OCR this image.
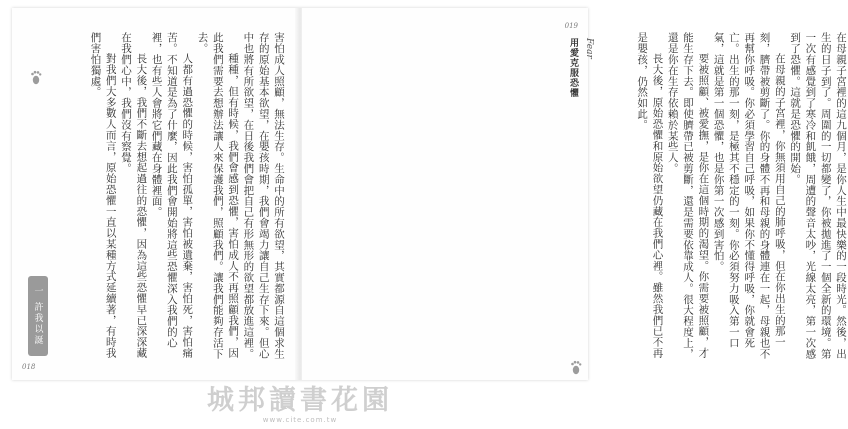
害怕成人照顧，無法生存。生命中的所有欲望，其實都源自這個求生存的原始基本欲望，在嬰孩時期，我們會竭力讓自己生存下來。但心中也將有所欲望，在日後我們會把自己有形無形的欲望都放進這裡。

種種，但有時候，我們會感到恐懼，害怕成人不再照顧我們，因此我們需要去想辦法讓人來保護我們，照顧我們。讓我們能夠存活下去。

人都有過恐懼的時候，害怕孤單，害怕被遺棄，害怕死，害怕痛苦。不知道是為了什麼，因此我們會開始將這些恐懼深入我們的心裡，也有些人會將它們藏在身體裡面。

長大後，我們不斷去想起過往的恐懼，因為這些恐懼早已深深藏在我們心中，我們沒有察覺。

對我們大多數人而言，原始恐懼一直以某種方式延續著，有時我們害怕獨處。

一 許我以誕
018

在母親子宮裡的這九個月，是你人生中最快樂的一段時光。然後，出生的日子到了。周圍的一切都變了，你被拋進了一個全新的環境。第一次有感覺到了寒冷和飢餓，周遭的聲音太吵，光線太亮，第一次感到了恐懼。這就是恐懼的開始。

在母親的子宮裡，你無須用自己的肺呼吸，但在你出生的那一刻，臍帶被剪斷了。你的身體不再和母親的身體連在一起，母親也不再幫你呼吸。你必須學習自己呼吸，如果你不懂得呼吸，你就會死亡。出生的那一刻，是極其不穩定的一刻。你必須努力吸入第一口氣，這就是第一個恐懼，也是你第一次感到害怕。

要被照顧、被愛撫，是你在這個時期的渴望。你需要被照顧，才能生存下去。即使臍帶已被剪斷，還是需要依靠成人。很大程度上，還是你在生存依賴於某些人。

長大後，原始恐懼和原始欲望仍藏在我們心裡。雖然我們已不再是嬰孩，仍然如此。

019
Fear
用愛克服恐懼
城邦讀書花園
www.cite.com.tw
